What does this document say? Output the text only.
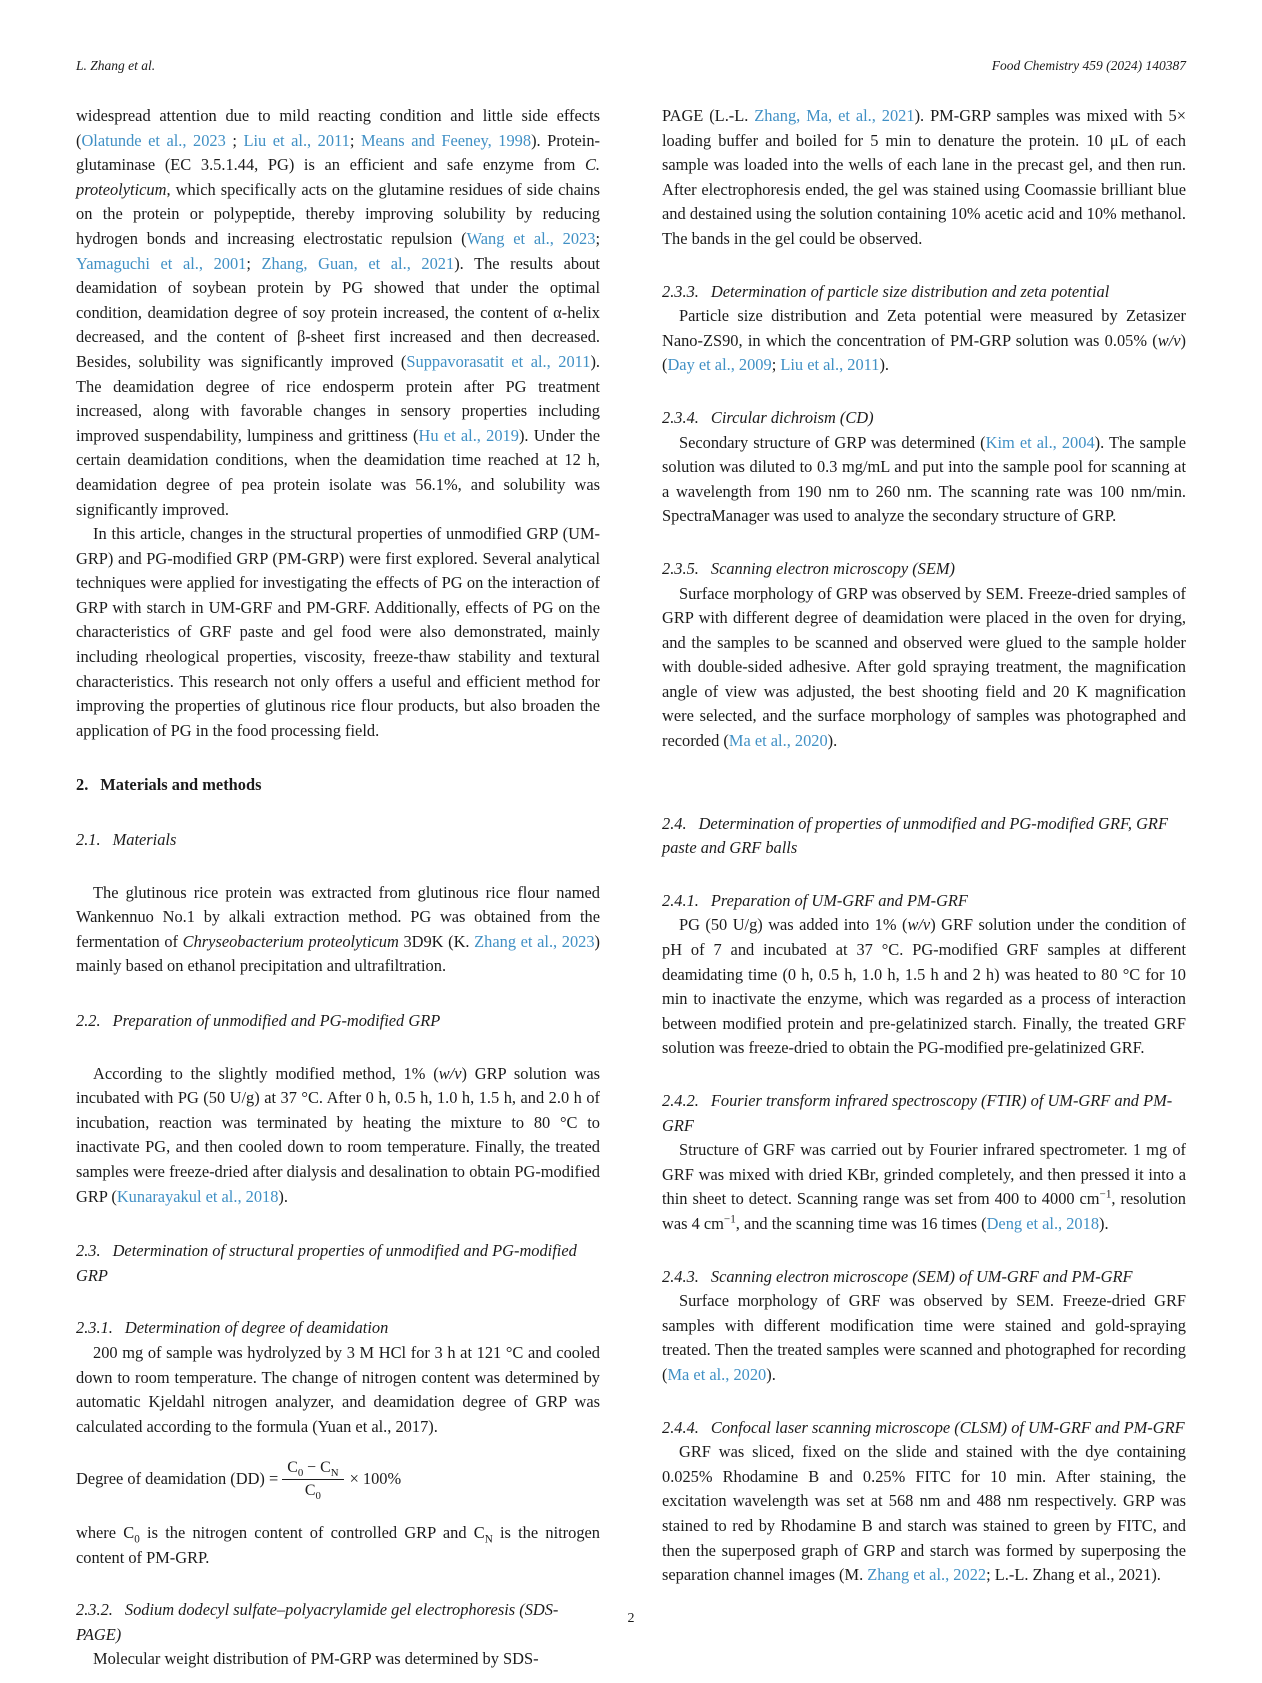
L. Zhang et al.	Food Chemistry 459 (2024) 140387

widespread attention due to mild reacting condition and little side effects (Olatunde et al., 2023 ; Liu et al., 2011; Means and Feeney, 1998). Protein-glutaminase (EC 3.5.1.44, PG) is an efficient and safe enzyme from C. proteolyticum, which specifically acts on the glutamine residues of side chains on the protein or polypeptide, thereby improving solubility by reducing hydrogen bonds and increasing electrostatic repulsion (Wang et al., 2023; Yamaguchi et al., 2001; Zhang, Guan, et al., 2021). The results about deamidation of soybean protein by PG showed that under the optimal condition, deamidation degree of soy protein increased, the content of α-helix decreased, and the content of β-sheet first increased and then decreased. Besides, solubility was significantly improved (Suppavorasatit et al., 2011). The deamidation degree of rice endosperm protein after PG treatment increased, along with favorable changes in sensory properties including improved suspendability, lumpiness and grittiness (Hu et al., 2019). Under the certain deamidation conditions, when the deamidation time reached at 12 h, deamidation degree of pea protein isolate was 56.1%, and solubility was significantly improved.

In this article, changes in the structural properties of unmodified GRP (UM-GRP) and PG-modified GRP (PM-GRP) were first explored. Several analytical techniques were applied for investigating the effects of PG on the interaction of GRP with starch in UM-GRF and PM-GRF. Additionally, effects of PG on the characteristics of GRF paste and gel food were also demonstrated, mainly including rheological properties, viscosity, freeze-thaw stability and textural characteristics. This research not only offers a useful and efficient method for improving the properties of glutinous rice flour products, but also broaden the application of PG in the food processing field.

2. Materials and methods
2.1. Materials

The glutinous rice protein was extracted from glutinous rice flour named Wankennuo No.1 by alkali extraction method. PG was obtained from the fermentation of Chryseobacterium proteolyticum 3D9K (K. Zhang et al., 2023) mainly based on ethanol precipitation and ultrafiltration.

2.2. Preparation of unmodified and PG-modified GRP

According to the slightly modified method, 1% (w/v) GRP solution was incubated with PG (50 U/g) at 37 °C. After 0 h, 0.5 h, 1.0 h, 1.5 h, and 2.0 h of incubation, reaction was terminated by heating the mixture to 80 °C to inactivate PG, and then cooled down to room temperature. Finally, the treated samples were freeze-dried after dialysis and desalination to obtain PG-modified GRP (Kunarayakul et al., 2018).

2.3. Determination of structural properties of unmodified and PG-modified GRP
2.3.1. Determination of degree of deamidation

200 mg of sample was hydrolyzed by 3 M HCl for 3 h at 121 °C and cooled down to room temperature. The change of nitrogen content was determined by automatic Kjeldahl nitrogen analyzer, and deamidation degree of GRP was calculated according to the formula (Yuan et al., 2017).

Degree of deamidation $(DD) = \frac{C_0 - C_N}{C_0} \times 100\%$

where $C_0$ is the nitrogen content of controlled GRP and $C_N$ is the nitrogen content of PM-GRP.

2.3.2. Sodium dodecyl sulfate–polyacrylamide gel electrophoresis (SDS-PAGE)

Molecular weight distribution of PM-GRP was determined by SDS-

PAGE (L.-L. Zhang, Ma, et al., 2021). PM-GRP samples was mixed with 5× loading buffer and boiled for 5 min to denature the protein. 10 μL of each sample was loaded into the wells of each lane in the precast gel, and then run. After electrophoresis ended, the gel was stained using Coomassie brilliant blue and destained using the solution containing 10% acetic acid and 10% methanol. The bands in the gel could be observed.

2.3.3. Determination of particle size distribution and zeta potential

Particle size distribution and Zeta potential were measured by Zetasizer Nano-ZS90, in which the concentration of PM-GRP solution was 0.05% (w/v) (Day et al., 2009; Liu et al., 2011).

2.3.4. Circular dichroism (CD)

Secondary structure of GRP was determined (Kim et al., 2004). The sample solution was diluted to 0.3 mg/mL and put into the sample pool for scanning at a wavelength from 190 nm to 260 nm. The scanning rate was 100 nm/min. SpectraManager was used to analyze the secondary structure of GRP.

2.3.5. Scanning electron microscopy (SEM)

Surface morphology of GRP was observed by SEM. Freeze-dried samples of GRP with different degree of deamidation were placed in the oven for drying, and the samples to be scanned and observed were glued to the sample holder with double-sided adhesive. After gold spraying treatment, the magnification angle of view was adjusted, the best shooting field and 20 K magnification were selected, and the surface morphology of samples was photographed and recorded (Ma et al., 2020).

2.4. Determination of properties of unmodified and PG-modified GRF, GRF paste and GRF balls
2.4.1. Preparation of UM-GRF and PM-GRF

PG (50 U/g) was added into 1% (w/v) GRF solution under the condition of pH of 7 and incubated at 37 °C. PG-modified GRF samples at different deamidating time (0 h, 0.5 h, 1.0 h, 1.5 h and 2 h) was heated to 80 °C for 10 min to inactivate the enzyme, which was regarded as a process of interaction between modified protein and pre-gelatinized starch. Finally, the treated GRF solution was freeze-dried to obtain the PG-modified pre-gelatinized GRF.

2.4.2. Fourier transform infrared spectroscopy (FTIR) of UM-GRF and PM-GRF

Structure of GRF was carried out by Fourier infrared spectrometer. 1 mg of GRF was mixed with dried KBr, grinded completely, and then pressed it into a thin sheet to detect. Scanning range was set from 400 to 4000 $cm^{-1}$, resolution was 4 $cm^{-1}$, and the scanning time was 16 times (Deng et al., 2018).

2.4.3. Scanning electron microscope (SEM) of UM-GRF and PM-GRF

Surface morphology of GRF was observed by SEM. Freeze-dried GRF samples with different modification time were stained and gold-spraying treated. Then the treated samples were scanned and photographed for recording (Ma et al., 2020).

2.4.4. Confocal laser scanning microscope (CLSM) of UM-GRF and PM-GRF

GRF was sliced, fixed on the slide and stained with the dye containing 0.025% Rhodamine B and 0.25% FITC for 10 min. After staining, the excitation wavelength was set at 568 nm and 488 nm respectively. GRP was stained to red by Rhodamine B and starch was stained to green by FITC, and then the superposed graph of GRP and starch was formed by superposing the separation channel images (M. Zhang et al., 2022; L.-L. Zhang et al., 2021).

2
